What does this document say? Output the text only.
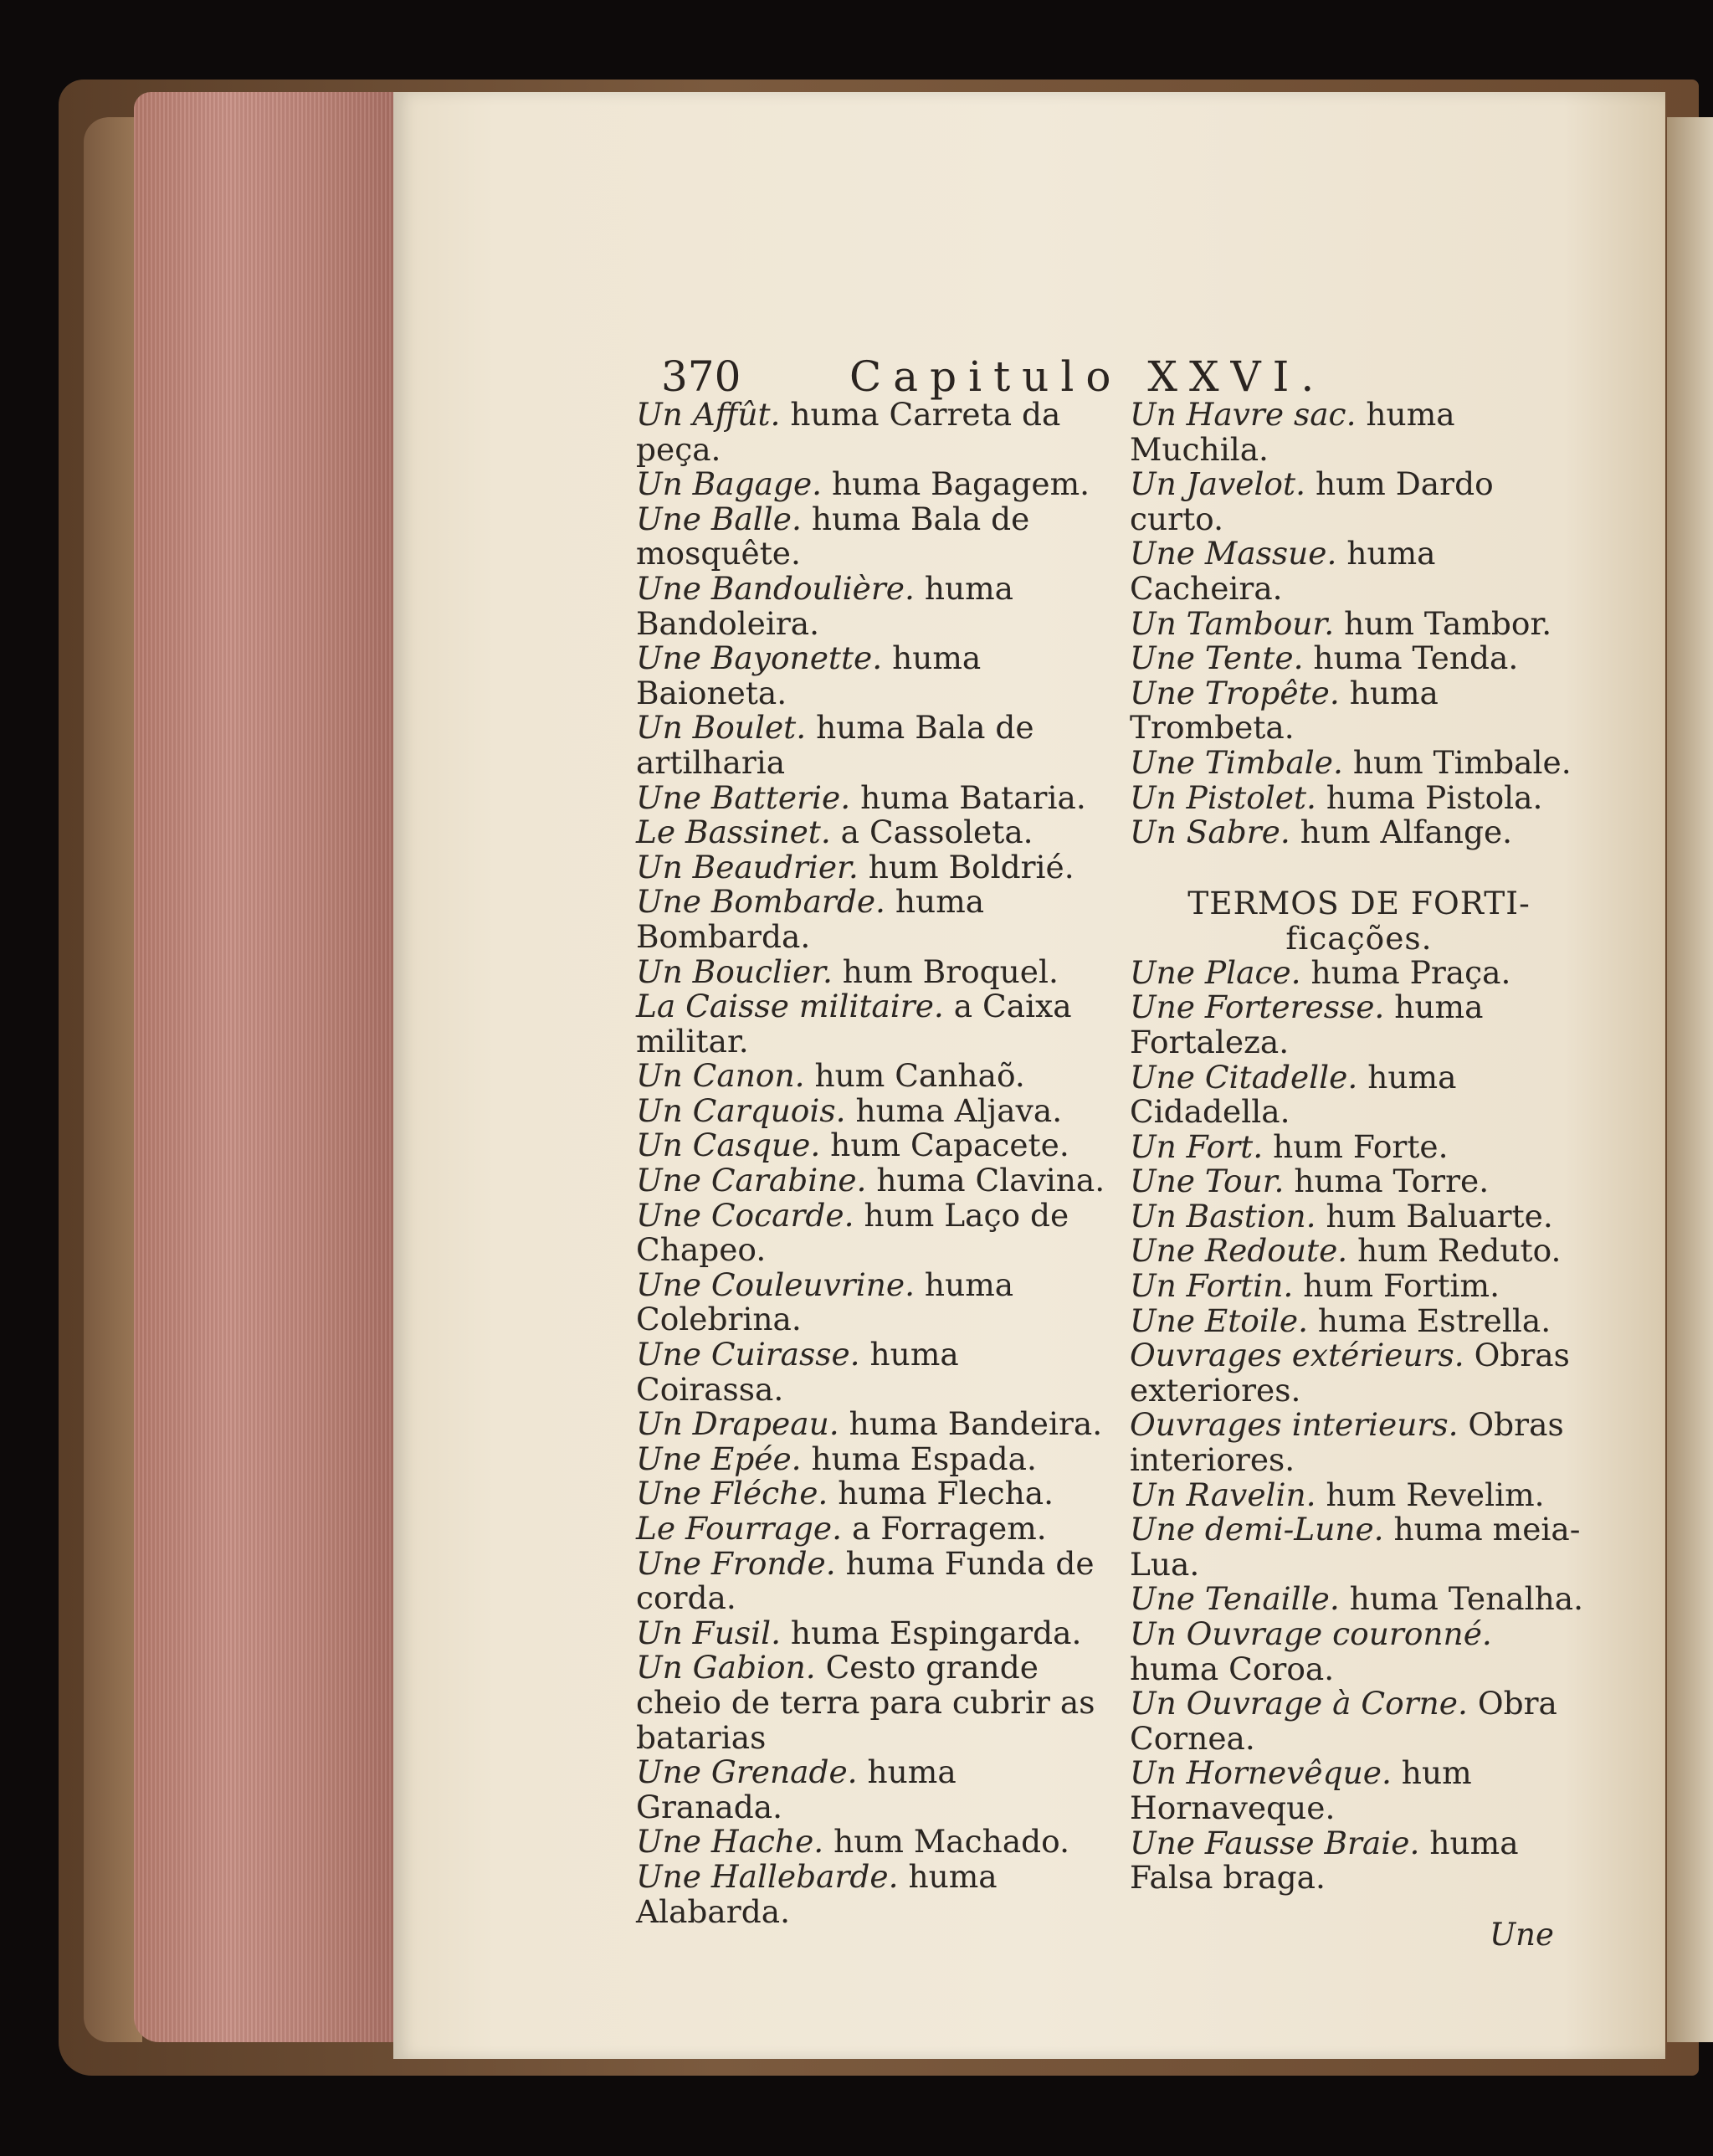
370	Capitulo XXVI.

Un Affût. huma Carreta da peça.

Un Bagage. huma Bagagem.

Une Balle. huma Bala de mosquête.

Une Bandoulière. huma Bandoleira.

Une Bayonette. huma Baioneta.

Un Boulet. huma Bala de artilharia

Une Batterie. huma Bataria.

Le Bassinet. a Cassoleta.

Un Beaudrier. hum Boldrié.

Une Bombarde. huma Bombarda.

Un Bouclier. hum Broquel.

La Caisse militaire. a Caixa militar.

Un Canon. hum Canhaõ.

Un Carquois. huma Aljava.

Un Casque. hum Capacete.

Une Carabine. huma Clavina.

Une Cocarde. hum Laço de Chapeo.

Une Couleuvrine. huma Colebrina.

Une Cuirasse. huma Coirassa.

Un Drapeau. huma Bandeira.

Une Epée. huma Espada.

Une Fléche. huma Flecha.

Le Fourrage. a Forragem.

Une Fronde. huma Funda de corda.

Un Fusil. huma Espingarda.

Un Gabion. Cesto grande cheio de terra para cubrir as batarias

Une Grenade. huma Granada.

Une Hache. hum Machado.

Une Hallebarde. huma Alabarda.

Un Havre sac. huma Muchila.

Un Javelot. hum Dardo curto.

Une Massue. huma Cacheira.

Un Tambour. hum Tambor.

Une Tente. huma Tenda.

Une Tropête. huma Trombeta.

Une Timbale. hum Timbale.

Un Pistolet. huma Pistola.

Un Sabre. hum Alfange.

TERMOS DE FORTI-
ficações.

Une Place. huma Praça.

Une Forteresse. huma Fortaleza.

Une Citadelle. huma Cidadella.

Un Fort. hum Forte.

Une Tour. huma Torre.

Un Bastion. hum Baluarte.

Une Redoute. hum Reduto.

Un Fortin. hum Fortim.

Une Etoile. huma Estrella.

Ouvrages extérieurs. Obras exteriores.

Ouvrages interieurs. Obras interiores.

Un Ravelin. hum Revelim.

Une demi-Lune. huma meia-Lua.

Une Tenaille. huma Tenalha.

Un Ouvrage couronné. huma Coroa.

Un Ouvrage à Corne. Obra Cornea.

Un Hornevêque. hum Hornaveque.

Une Fausse Braie. huma Falsa braga.

Une
